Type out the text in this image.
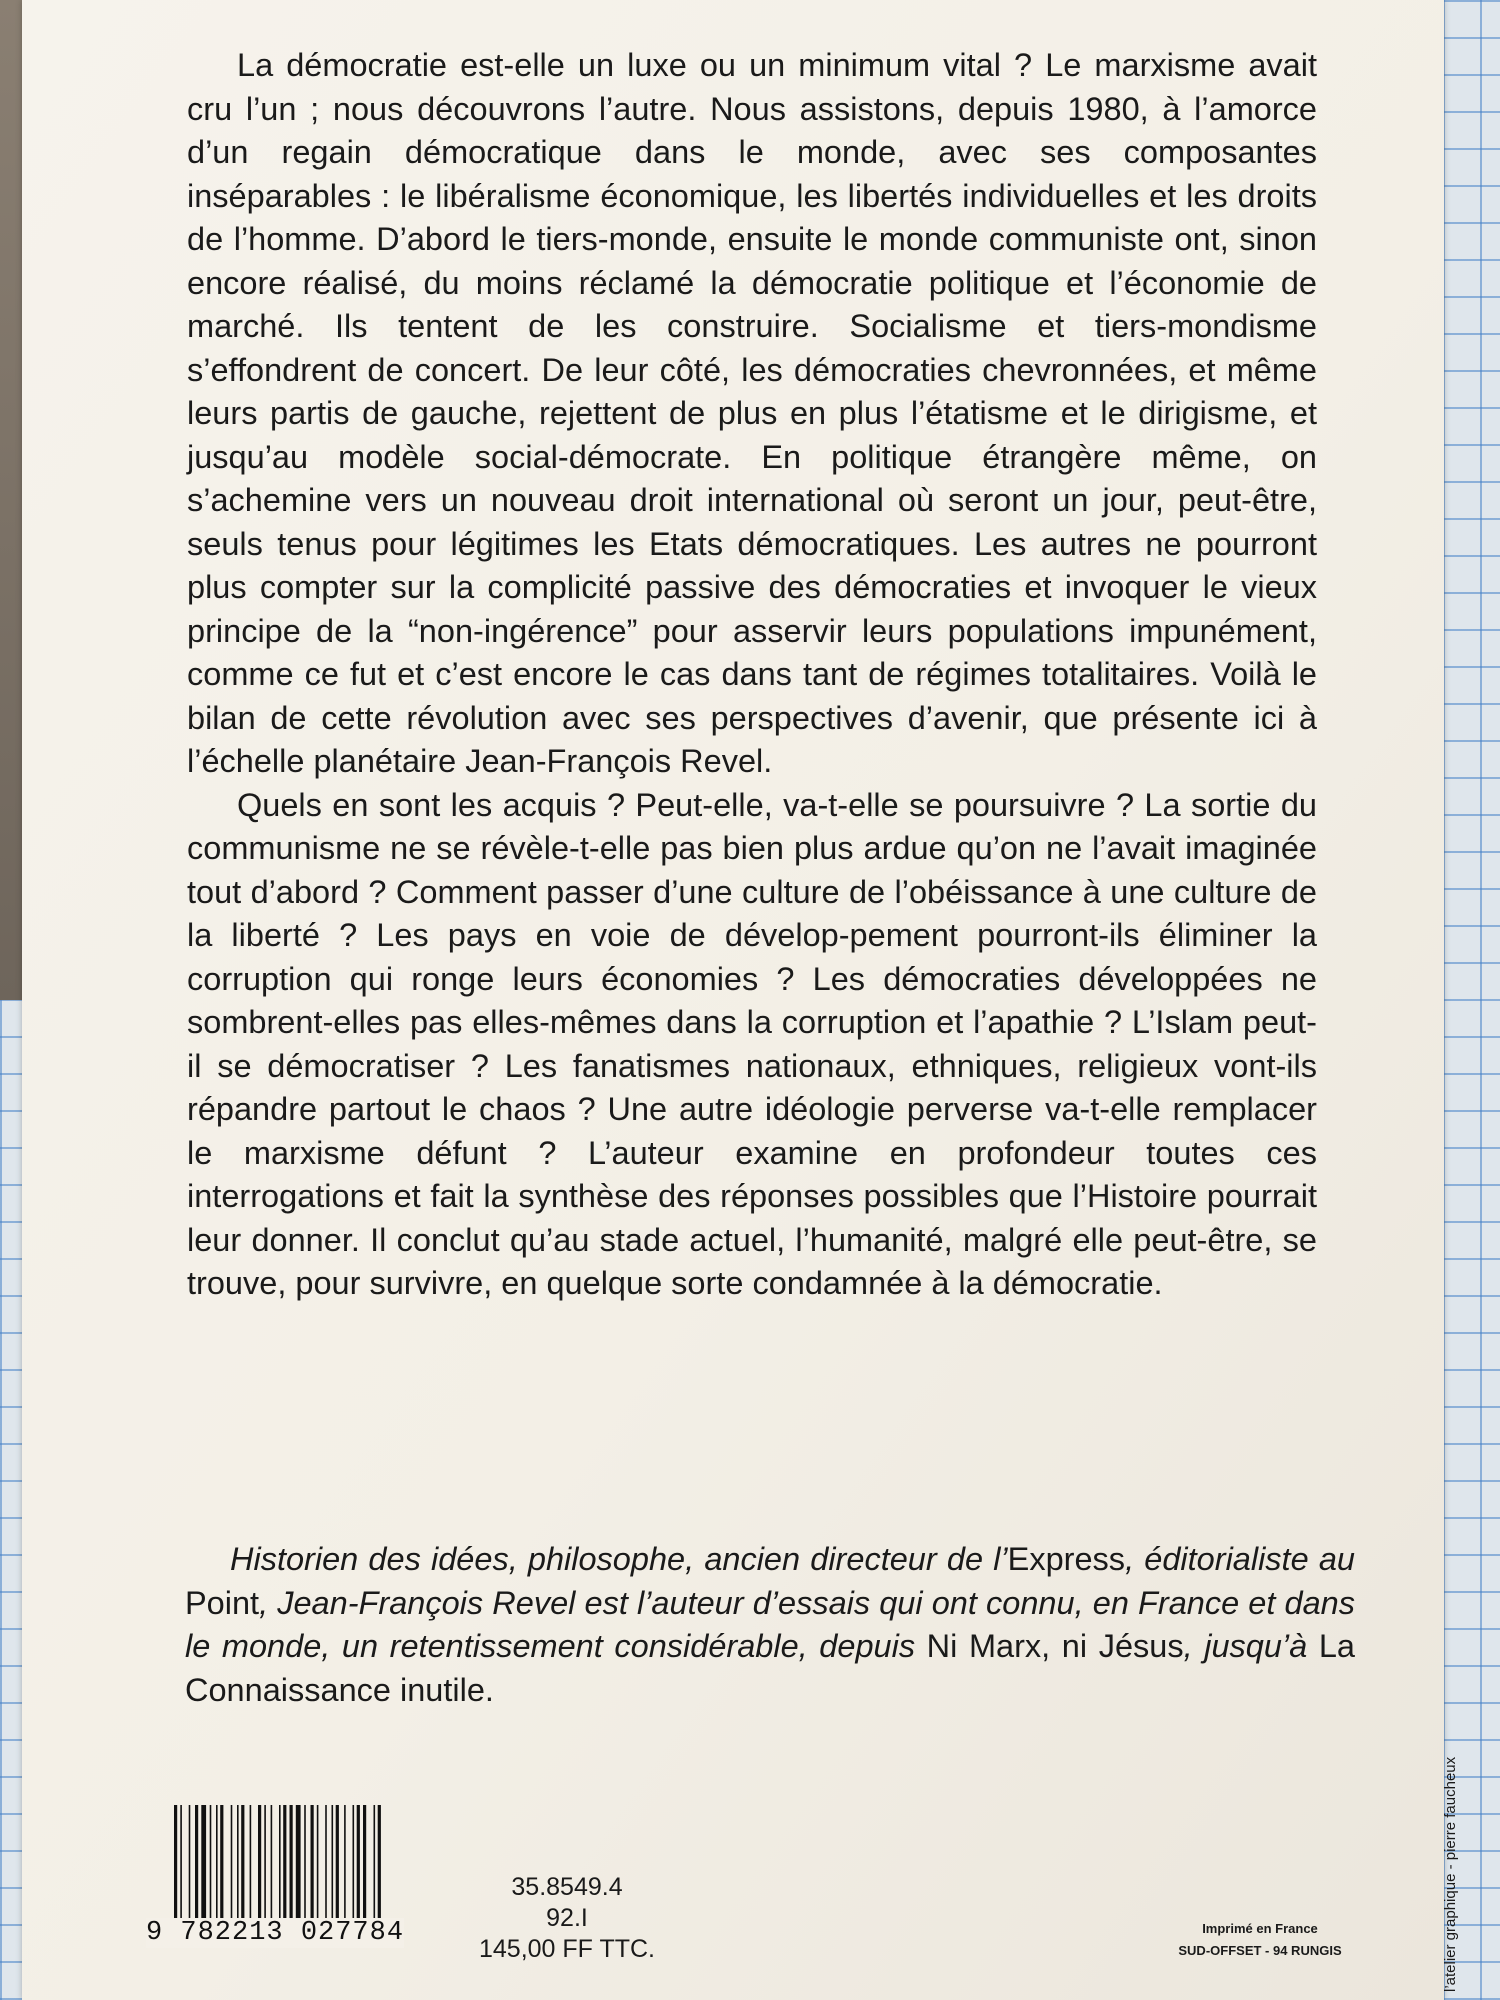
La démocratie est-elle un luxe ou un minimum vital ? Le marxisme avait cru l’un ; nous découvrons l’autre. Nous assistons, depuis 1980, à l’amorce d’un regain démocratique dans le monde, avec ses composantes inséparables : le libéralisme économique, les libertés individuelles et les droits de l’homme. D’abord le tiers-monde, ensuite le monde communiste ont, sinon encore réalisé, du moins réclamé la démocratie politique et l’économie de marché. Ils tentent de les construire. Socialisme et tiers-mondisme s’effondrent de concert. De leur côté, les démocraties chevronnées, et même leurs partis de gauche, rejettent de plus en plus l’étatisme et le dirigisme, et jusqu’au modèle social-démocrate. En politique étrangère même, on s’achemine vers un nouveau droit international où seront un jour, peut-être, seuls tenus pour légitimes les Etats démocratiques. Les autres ne pourront plus compter sur la complicité passive des démocraties et invoquer le vieux principe de la “non-ingérence” pour asservir leurs populations impunément, comme ce fut et c’est encore le cas dans tant de régimes totalitaires. Voilà le bilan de cette révolution avec ses perspectives d’avenir, que présente ici à l’échelle planétaire Jean-François Revel.

Quels en sont les acquis ? Peut-elle, va-t-elle se poursuivre ? La sortie du communisme ne se révèle-t-elle pas bien plus ardue qu’on ne l’avait imaginée tout d’abord ? Comment passer d’une culture de l’obéissance à une culture de la liberté ? Les pays en voie de dévelop-pement pourront-ils éliminer la corruption qui ronge leurs économies ? Les démocraties développées ne sombrent-elles pas elles-mêmes dans la corruption et l’apathie ? L’Islam peut-il se démocratiser ? Les fanatismes nationaux, ethniques, religieux vont-ils répandre partout le chaos ? Une autre idéologie perverse va-t-elle remplacer le marxisme défunt ? L’auteur examine en profondeur toutes ces interrogations et fait la synthèse des réponses possibles que l’Histoire pourrait leur donner. Il conclut qu’au stade actuel, l’humanité, malgré elle peut-être, se trouve, pour survivre, en quelque sorte condamnée à la démocratie.

Historien des idées, philosophe, ancien directeur de l’Express, éditorialiste au Point, Jean-François Revel est l’auteur d’essais qui ont connu, en France et dans le monde, un retentissement considérable, depuis Ni Marx, ni Jésus, jusqu’à La Connaissance inutile.

9 782213 027784
35.8549.4
92.I
145,00 FF TTC.
Imprimé en France
SUD-OFFSET - 94 RUNGIS	l’atelier graphique - pierre faucheux
